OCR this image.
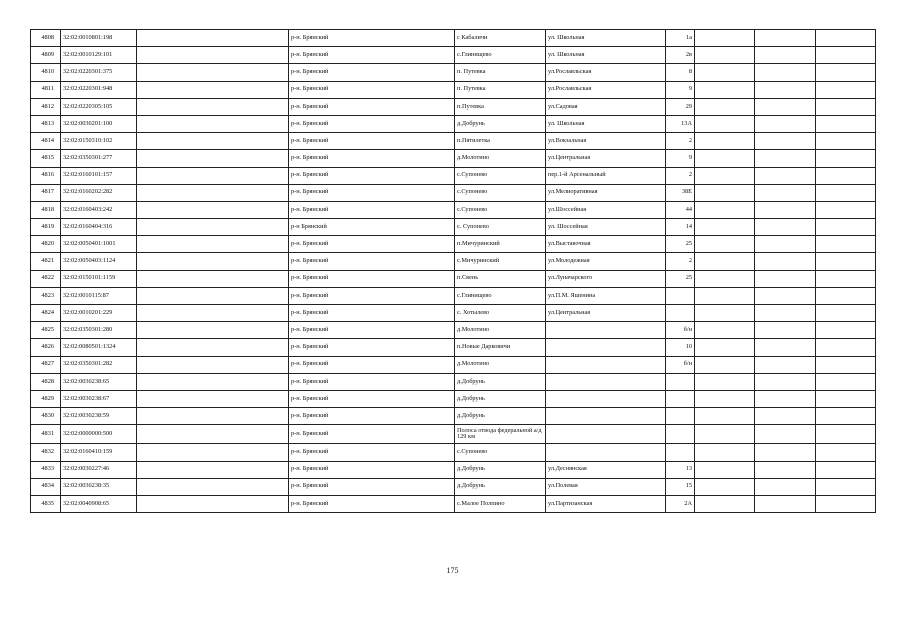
4808	32:02:0010801:198		р-н. Брянский	с Кабаличи	ул. Школьная	1а			
4809	32:02:0010129:101		р-н. Брянский	с.Глинищево	ул. Школьная	2в			
4810	32:02:0220301:375		р-н. Брянский	п. Путевка	ул.Рославльская	8			
4811	32:02:0220301:948		р-н. Брянский	п. Путевка	ул.Рославльская	9			
4812	32:02:0220305:105		р-н. Брянский	п.Путевка	ул.Садовая	29			
4813	32:02:0030201:100		р-н. Брянский	д.Добрунь	ул. Школьная	13А			
4814	32:02:0150310:102		р-н. Брянский	п.Пятилетка	ул.Вокзальная	2			
4815	32:02:0350301:277		р-н. Брянский	д.Молотино	ул.Центральная	9			
4816	32:02:0160101:157		р-н. Брянский	с.Супонево	пер.1-й Арсенальный	2			
4817	32:02:0160202:282		р-н. Брянский	с.Супонево	ул.Мелиоративная	38Е			
4818	32:02:0160403:242		р-н. Брянский	с.Супонево	ул.Шоссейная	44			
4819	32:02:0160404:316		р-н Брянский	с. Супонево	ул. Шоссейная	14			
4820	32:02:0050401:1001		р-н. Брянский	п.Мичуринский	ул.Выставочная	25			
4821	32:02:0050403:1124		р-н. Брянский	с.Мичуринский	ул.Молодежная	2			
4822	32:02:0150101:1159		р-н. Брянский	п.Свень	ул.Луначарского	25			
4823	32:02:0010115:87		р-н. Брянский	с.Глинищево	ул.П.М. Яшенина				
4824	32:02:0010201:229		р-н. Брянский	с. Хотылево	ул.Центральная				
4825	32:02:0350301:280		р-н. Брянский	д.Молотино		б/н			
4826	32:02:0080501:1324		р-н. Брянский	п.Новые Дарковичи		10			
4827	32:02:0350301:282		р-н. Брянский	д.Молотино		б/н			
4828	32:02:0030238:65		р-н. Брянский	д.Добрунь					
4829	32:02:0030238:67		р-н. Брянский	д.Добрунь					
4830	32:02:0030238:59		р-н. Брянский	д.Добрунь					
4831	32:02:0000000:500		р-н. Брянский	Полоса отвода федеральной а/д 129 км					
4832	32:02:0160410:159		р-н. Брянский	с.Супонево					
4833	32:02:0030227:46		р-н. Брянский	д.Добрунь	ул.Деснянская	13			
4834	32:02:0030238:35		р-н. Брянский	д.Добрунь	ул.Полевая	15			
4835	32:02:0040908:65		р-н. Брянский	с.Малое Полпино	ул.Партизанская	2А			
175
